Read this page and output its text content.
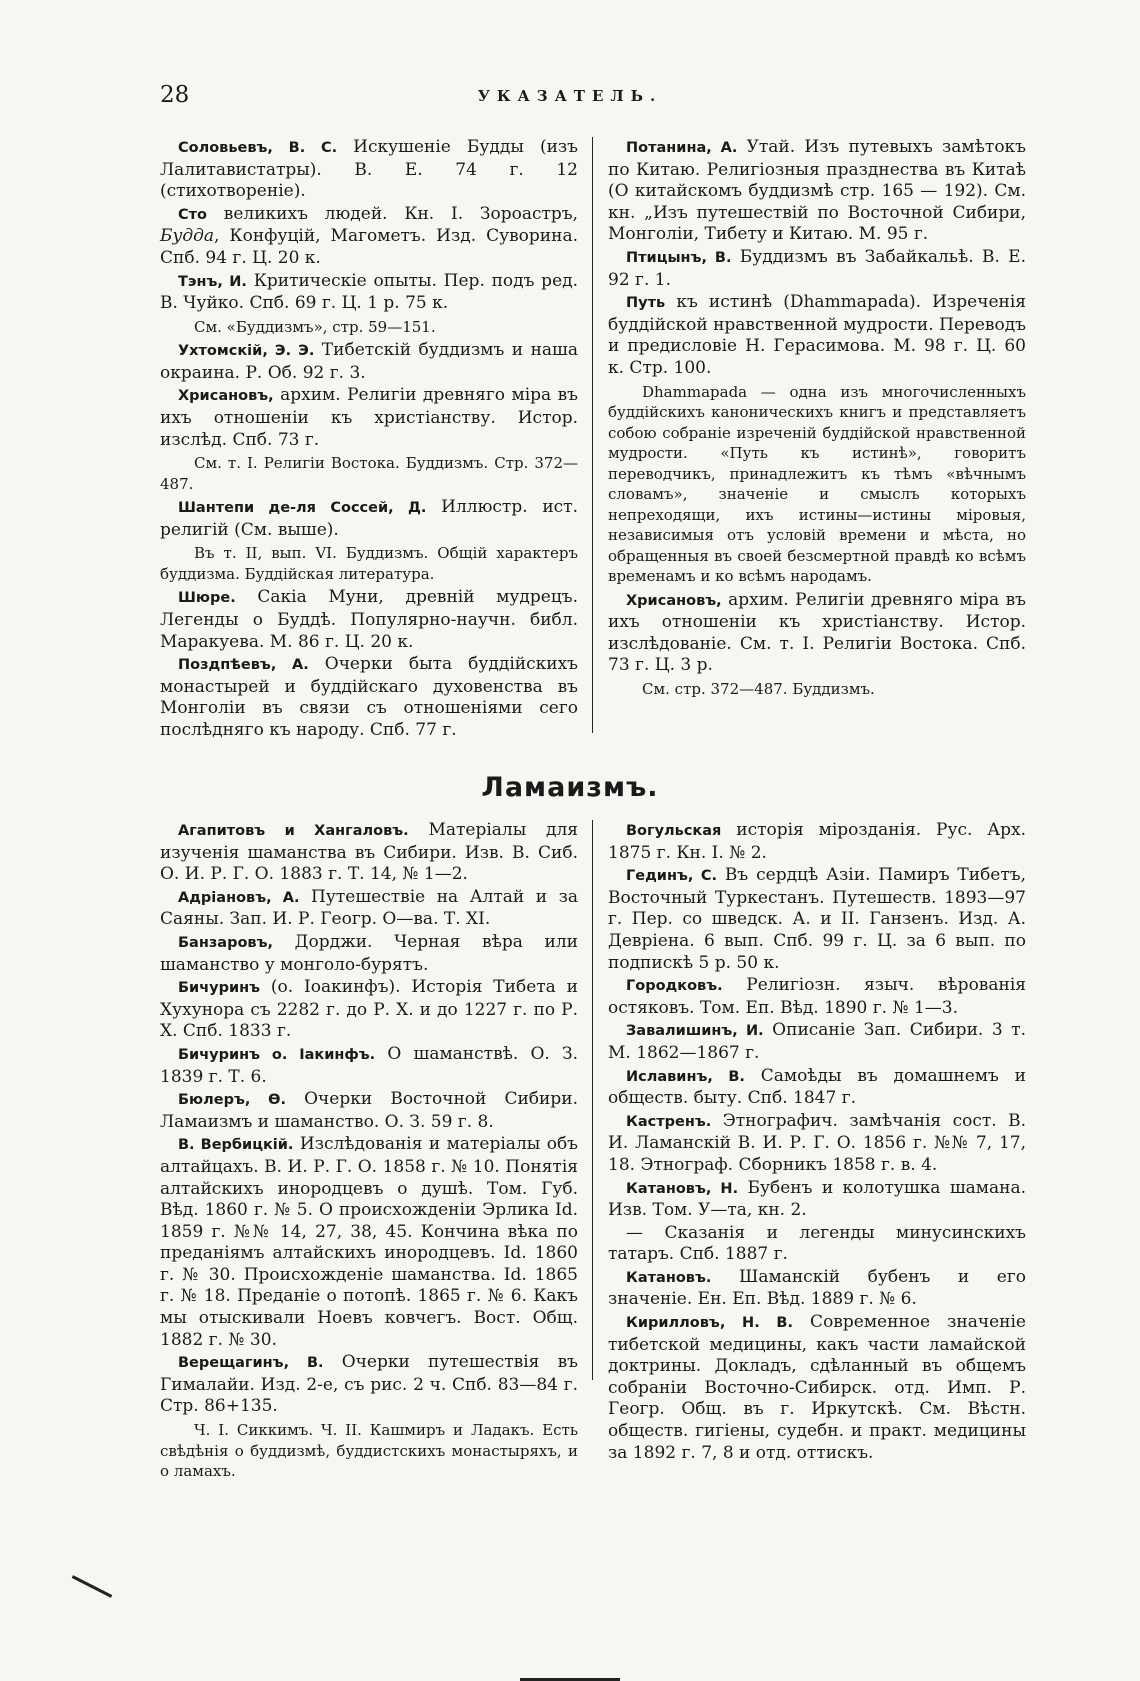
28	УКАЗАТЕЛЬ.

Соловьевъ, В. С. Искушеніе Будды (изъ Лалитавистатры). В. Е. 74 г. 12 (стихотвореніе).

Сто великихъ людей. Кн. I. Зороастръ, Будда, Конфуцій, Магометъ. Изд. Суворина. Спб. 94 г. Ц. 20 к.

Тэнъ, И. Критическіе опыты. Пер. подъ ред. В. Чуйко. Спб. 69 г. Ц. 1 р. 75 к.

См. «Буддизмъ», стр. 59—151.

Ухтомскій, Э. Э. Тибетскій буддизмъ и наша окраина. Р. Об. 92 г. 3.

Хрисановъ, архим. Религіи древняго міра въ ихъ отношеніи къ христіанству. Истор. изслѣд. Спб. 73 г.

См. т. I. Религіи Востока. Буддизмъ. Стр. 372—487.

Шантепи де-ля Соссей, Д. Иллюстр. ист. религій (См. выше).

Въ т. II, вып. VI. Буддизмъ. Общій характеръ буддизма. Буддійская литература.

Шюре. Сакіа Муни, древній мудрецъ. Легенды о Буддѣ. Популярно-научн. библ. Маракуева. М. 86 г. Ц. 20 к.

Поздпѣевъ, А. Очерки быта буддійскихъ монастырей и буддійскаго духовенства въ Монголіи въ связи съ отношеніями сего послѣдняго къ народу. Спб. 77 г.

Потанина, А. Утай. Изъ путевыхъ замѣтокъ по Китаю. Религіозныя празднества въ Китаѣ (О китайскомъ буддизмѣ стр. 165 — 192). См. кн. „Изъ путешествій по Восточной Сибири, Монголіи, Тибету и Китаю. М. 95 г.

Птицынъ, В. Буддизмъ въ Забайкальѣ. В. Е. 92 г. 1.

Путь къ истинѣ (Dhammapada). Изреченія буддійской нравственной мудрости. Переводъ и предисловіе Н. Герасимова. М. 98 г. Ц. 60 к. Стр. 100.

Dhammapada — одна изъ многочисленныхъ буддійскихъ каноническихъ книгъ и представляетъ собою собраніе изреченій буддійской нравственной мудрости. «Путь къ истинѣ», говоритъ переводчикъ, принадлежитъ къ тѣмъ «вѣчнымъ словамъ», значеніе и смыслъ которыхъ непреходящи, ихъ истины—истины міровыя, независимыя отъ условій времени и мѣста, но обращенныя въ своей безсмертной правдѣ ко всѣмъ временамъ и ко всѣмъ народамъ.

Хрисановъ, архим. Религіи древняго міра въ ихъ отношеніи къ христіанству. Истор. изслѣдованіе. См. т. I. Религіи Востока. Спб. 73 г. Ц. 3 р.

См. стр. 372—487. Буддизмъ.

Ламаизмъ.

Агапитовъ и Хангаловъ. Матеріалы для изученія шаманства въ Сибири. Изв. В. Сиб. О. И. Р. Г. О. 1883 г. Т. 14, № 1—2.

Адріановъ, А. Путешествіе на Алтай и за Саяны. Зап. И. Р. Геогр. О—ва. Т. XI.

Банзаровъ, Дорджи. Черная вѣра или шаманство у монголо-бурятъ.

Бичуринъ (о. Іоакинфъ). Исторія Тибета и Хухунора съ 2282 г. до Р. Х. и до 1227 г. по Р. Х. Спб. 1833 г.

Бичуринъ о. Іакинфъ. О шаманствѣ. О. З. 1839 г. Т. 6.

Бюлеръ, Ѳ. Очерки Восточной Сибири. Ламаизмъ и шаманство. О. З. 59 г. 8.

В. Вербицкій. Изслѣдованія и матеріалы объ алтайцахъ. В. И. Р. Г. О. 1858 г. № 10. Понятія алтайскихъ инородцевъ о душѣ. Том. Губ. Вѣд. 1860 г. № 5. О происхожденіи Эрлика Id. 1859 г. №№ 14, 27, 38, 45. Кончина вѣка по преданіямъ алтайскихъ инородцевъ. Id. 1860 г. № 30. Происхожденіе шаманства. Id. 1865 г. № 18. Преданіе о потопѣ. 1865 г. № 6. Какъ мы отыскивали Ноевъ ковчегъ. Вост. Общ. 1882 г. № 30.

Верещагинъ, В. Очерки путешествія въ Гималайи. Изд. 2-е, съ рис. 2 ч. Спб. 83—84 г. Стр. 86+135.

Ч. I. Сиккимъ. Ч. II. Кашмиръ и Ладакъ. Есть свѣдѣнія о буддизмѣ, буддистскихъ монастыряхъ, и о ламахъ.

Вогульская исторія мірозданія. Рус. Арх. 1875 г. Кн. I. № 2.

Гединъ, С. Въ сердцѣ Азіи. Памиръ Тибетъ, Восточный Туркестанъ. Путешеств. 1893—97 г. Пер. со шведск. А. и II. Ганзенъ. Изд. А. Девріена. 6 вып. Спб. 99 г. Ц. за 6 вып. по подпискѣ 5 р. 50 к.

Городковъ. Религіозн. языч. вѣрованія остяковъ. Том. Еп. Вѣд. 1890 г. № 1—3.

Завалишинъ, И. Описаніе Зап. Сибири. 3 т. М. 1862—1867 г.

Иславинъ, В. Самоѣды въ домашнемъ и обществ. быту. Спб. 1847 г.

Кастренъ. Этнографич. замѣчанія сост. В. И. Ламанскій В. И. Р. Г. О. 1856 г. №№ 7, 17, 18. Этнограф. Сборникъ 1858 г. в. 4.

Катановъ, Н. Бубенъ и колотушка шамана. Изв. Том. У—та, кн. 2.

— Сказанія и легенды минусинскихъ татаръ. Спб. 1887 г.

Катановъ. Шаманскій бубенъ и его значеніе. Ен. Еп. Вѣд. 1889 г. № 6.

Кирилловъ, Н. В. Современное значеніе тибетской медицины, какъ части ламайской доктрины. Докладъ, сдѣланный въ общемъ собраніи Восточно-Сибирск. отд. Имп. Р. Геогр. Общ. въ г. Иркутскѣ. См. Вѣстн. обществ. гигіены, судебн. и практ. медицины за 1892 г. 7, 8 и отд. оттискъ.
